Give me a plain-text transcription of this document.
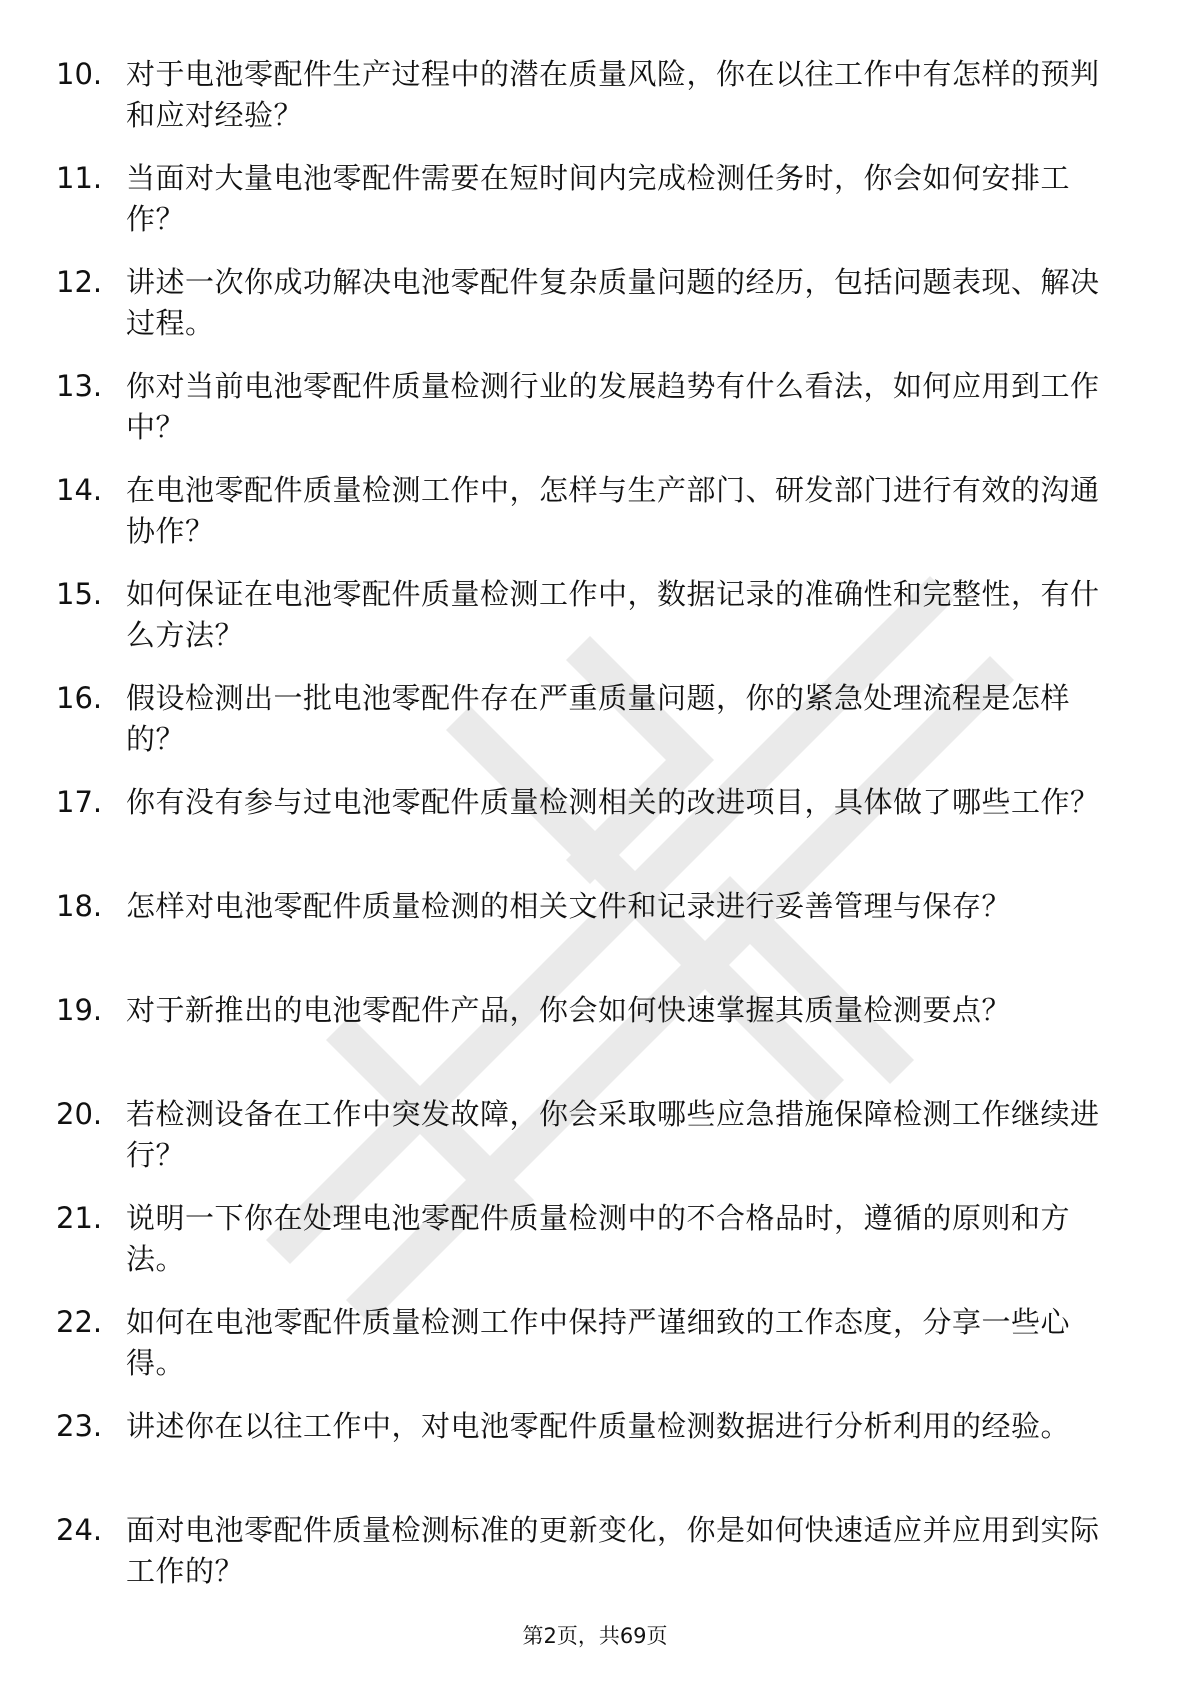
10. 对于电池零配件生产过程中的潜在质量风险，你在以往工作中有怎样的预判和应对经验？
11. 当面对大量电池零配件需要在短时间内完成检测任务时，你会如何安排工作？
12. 讲述一次你成功解决电池零配件复杂质量问题的经历，包括问题表现、解决过程。
13. 你对当前电池零配件质量检测行业的发展趋势有什么看法，如何应用到工作中？
14. 在电池零配件质量检测工作中，怎样与生产部门、研发部门进行有效的沟通协作？
15. 如何保证在电池零配件质量检测工作中，数据记录的准确性和完整性，有什么方法？
16. 假设检测出一批电池零配件存在严重质量问题，你的紧急处理流程是怎样的？
17. 你有没有参与过电池零配件质量检测相关的改进项目，具体做了哪些工作？
18. 怎样对电池零配件质量检测的相关文件和记录进行妥善管理与保存？
19. 对于新推出的电池零配件产品，你会如何快速掌握其质量检测要点？
20. 若检测设备在工作中突发故障，你会采取哪些应急措施保障检测工作继续进行？
21. 说明一下你在处理电池零配件质量检测中的不合格品时，遵循的原则和方法。
22. 如何在电池零配件质量检测工作中保持严谨细致的工作态度，分享一些心得。
23. 讲述你在以往工作中，对电池零配件质量检测数据进行分析利用的经验。
24. 面对电池零配件质量检测标准的更新变化，你是如何快速适应并应用到实际工作的？
第2页，共69页
